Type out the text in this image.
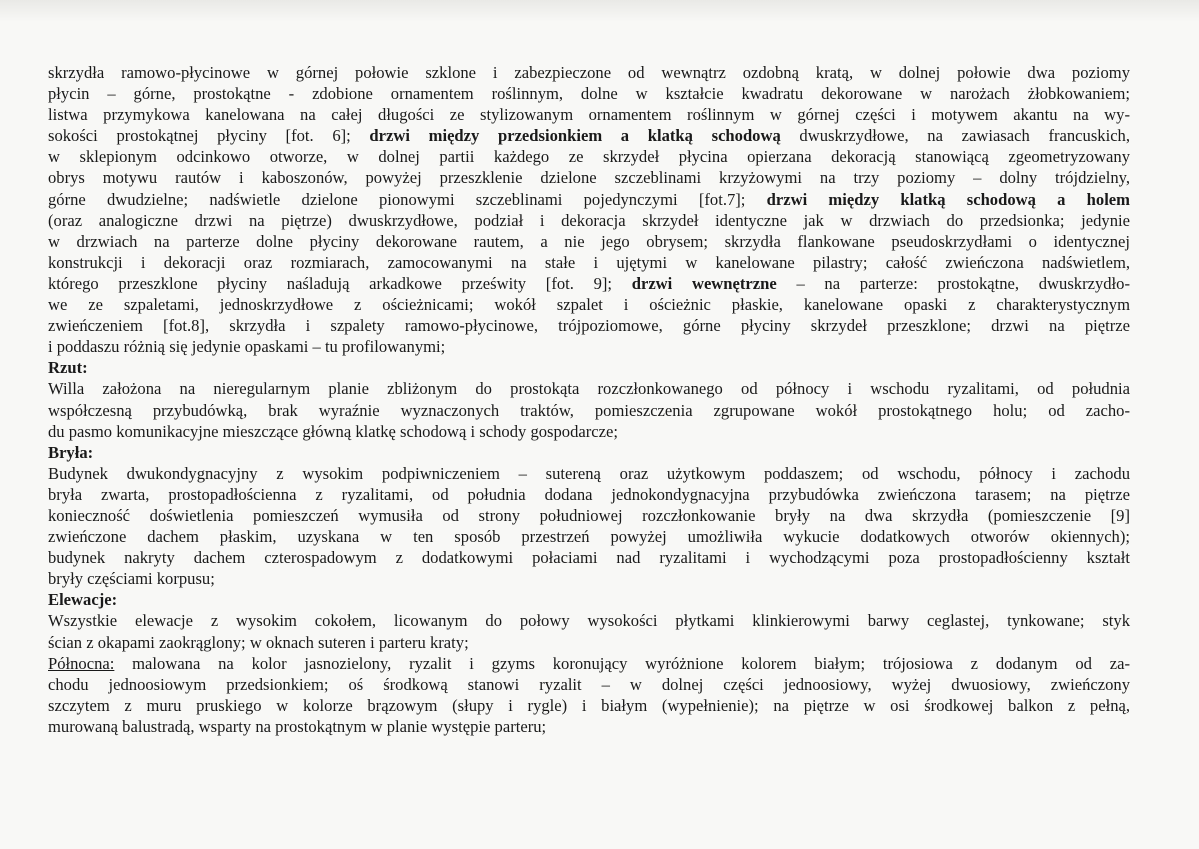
skrzydła ramowo-płycinowe w górnej połowie szklone i zabezpieczone od wewnątrz ozdobną kratą, w dolnej połowie dwa poziomy
płycin – górne, prostokątne - zdobione ornamentem roślinnym, dolne w kształcie kwadratu dekorowane w narożach żłobkowaniem;
listwa przymykowa kanelowana na całej długości ze stylizowanym ornamentem roślinnym w górnej części i motywem akantu na wy-
sokości prostokątnej płyciny [fot. 6]; drzwi między przedsionkiem a klatką schodową dwuskrzydłowe, na zawiasach francuskich,
w sklepionym odcinkowo otworze, w dolnej partii każdego ze skrzydeł płycina opierzana dekoracją stanowiącą zgeometryzowany
obrys motywu rautów i kaboszonów, powyżej przeszklenie dzielone szczeblinami krzyżowymi na trzy poziomy – dolny trójdzielny,
górne dwudzielne; nadświetle dzielone pionowymi szczeblinami pojedynczymi [fot.7]; drzwi między klatką schodową a holem
(oraz analogiczne drzwi na piętrze) dwuskrzydłowe, podział i dekoracja skrzydeł identyczne jak w drzwiach do przedsionka; jedynie
w drzwiach na parterze dolne płyciny dekorowane rautem, a nie jego obrysem; skrzydła flankowane pseudoskrzydłami o identycznej
konstrukcji i dekoracji oraz rozmiarach, zamocowanymi na stałe i ujętymi w kanelowane pilastry; całość zwieńczona nadświetlem,
którego przeszklone płyciny naśladują arkadkowe prześwity [fot. 9]; drzwi wewnętrzne – na parterze: prostokątne, dwuskrzydło-
we ze szpaletami, jednoskrzydłowe z ościeżnicami; wokół szpalet i ościeżnic płaskie, kanelowane opaski z charakterystycznym
zwieńczeniem [fot.8], skrzydła i szpalety ramowo-płycinowe, trójpoziomowe, górne płyciny skrzydeł przeszklone; drzwi na piętrze
i poddaszu różnią się jedynie opaskami – tu profilowanymi;
Rzut:
Willa założona na nieregularnym planie zbliżonym do prostokąta rozczłonkowanego od północy i wschodu ryzalitami, od południa
współczesną przybudówką, brak wyraźnie wyznaczonych traktów, pomieszczenia zgrupowane wokół prostokątnego holu; od zacho-
du pasmo komunikacyjne mieszczące główną klatkę schodową i schody gospodarcze;
Bryła:
Budynek dwukondygnacyjny z wysokim podpiwniczeniem – sutereną oraz użytkowym poddaszem; od wschodu, północy i zachodu
bryła zwarta, prostopadłościenna z ryzalitami, od południa dodana jednokondygnacyjna przybudówka zwieńczona tarasem; na piętrze
konieczność doświetlenia pomieszczeń wymusiła od strony południowej rozczłonkowanie bryły na dwa skrzydła (pomieszczenie [9]
zwieńczone dachem płaskim, uzyskana w ten sposób przestrzeń powyżej umożliwiła wykucie dodatkowych otworów okiennych);
budynek nakryty dachem czterospadowym z dodatkowymi połaciami nad ryzalitami i wychodzącymi poza prostopadłościenny kształt
bryły częściami korpusu;
Elewacje:
Wszystkie elewacje z wysokim cokołem, licowanym do połowy wysokości płytkami klinkierowymi barwy ceglastej, tynkowane; styk
ścian z okapami zaokrąglony; w oknach suteren i parteru kraty;
Północna: malowana na kolor jasnozielony, ryzalit i gzyms koronujący wyróżnione kolorem białym; trójosiowa z dodanym od za-
chodu jednoosiowym przedsionkiem; oś środkową stanowi ryzalit – w dolnej części jednoosiowy, wyżej dwuosiowy, zwieńczony
szczytem z muru pruskiego w kolorze brązowym (słupy i rygle) i białym (wypełnienie); na piętrze w osi środkowej balkon z pełną,
murowaną balustradą, wsparty na prostokątnym w planie występie parteru;
